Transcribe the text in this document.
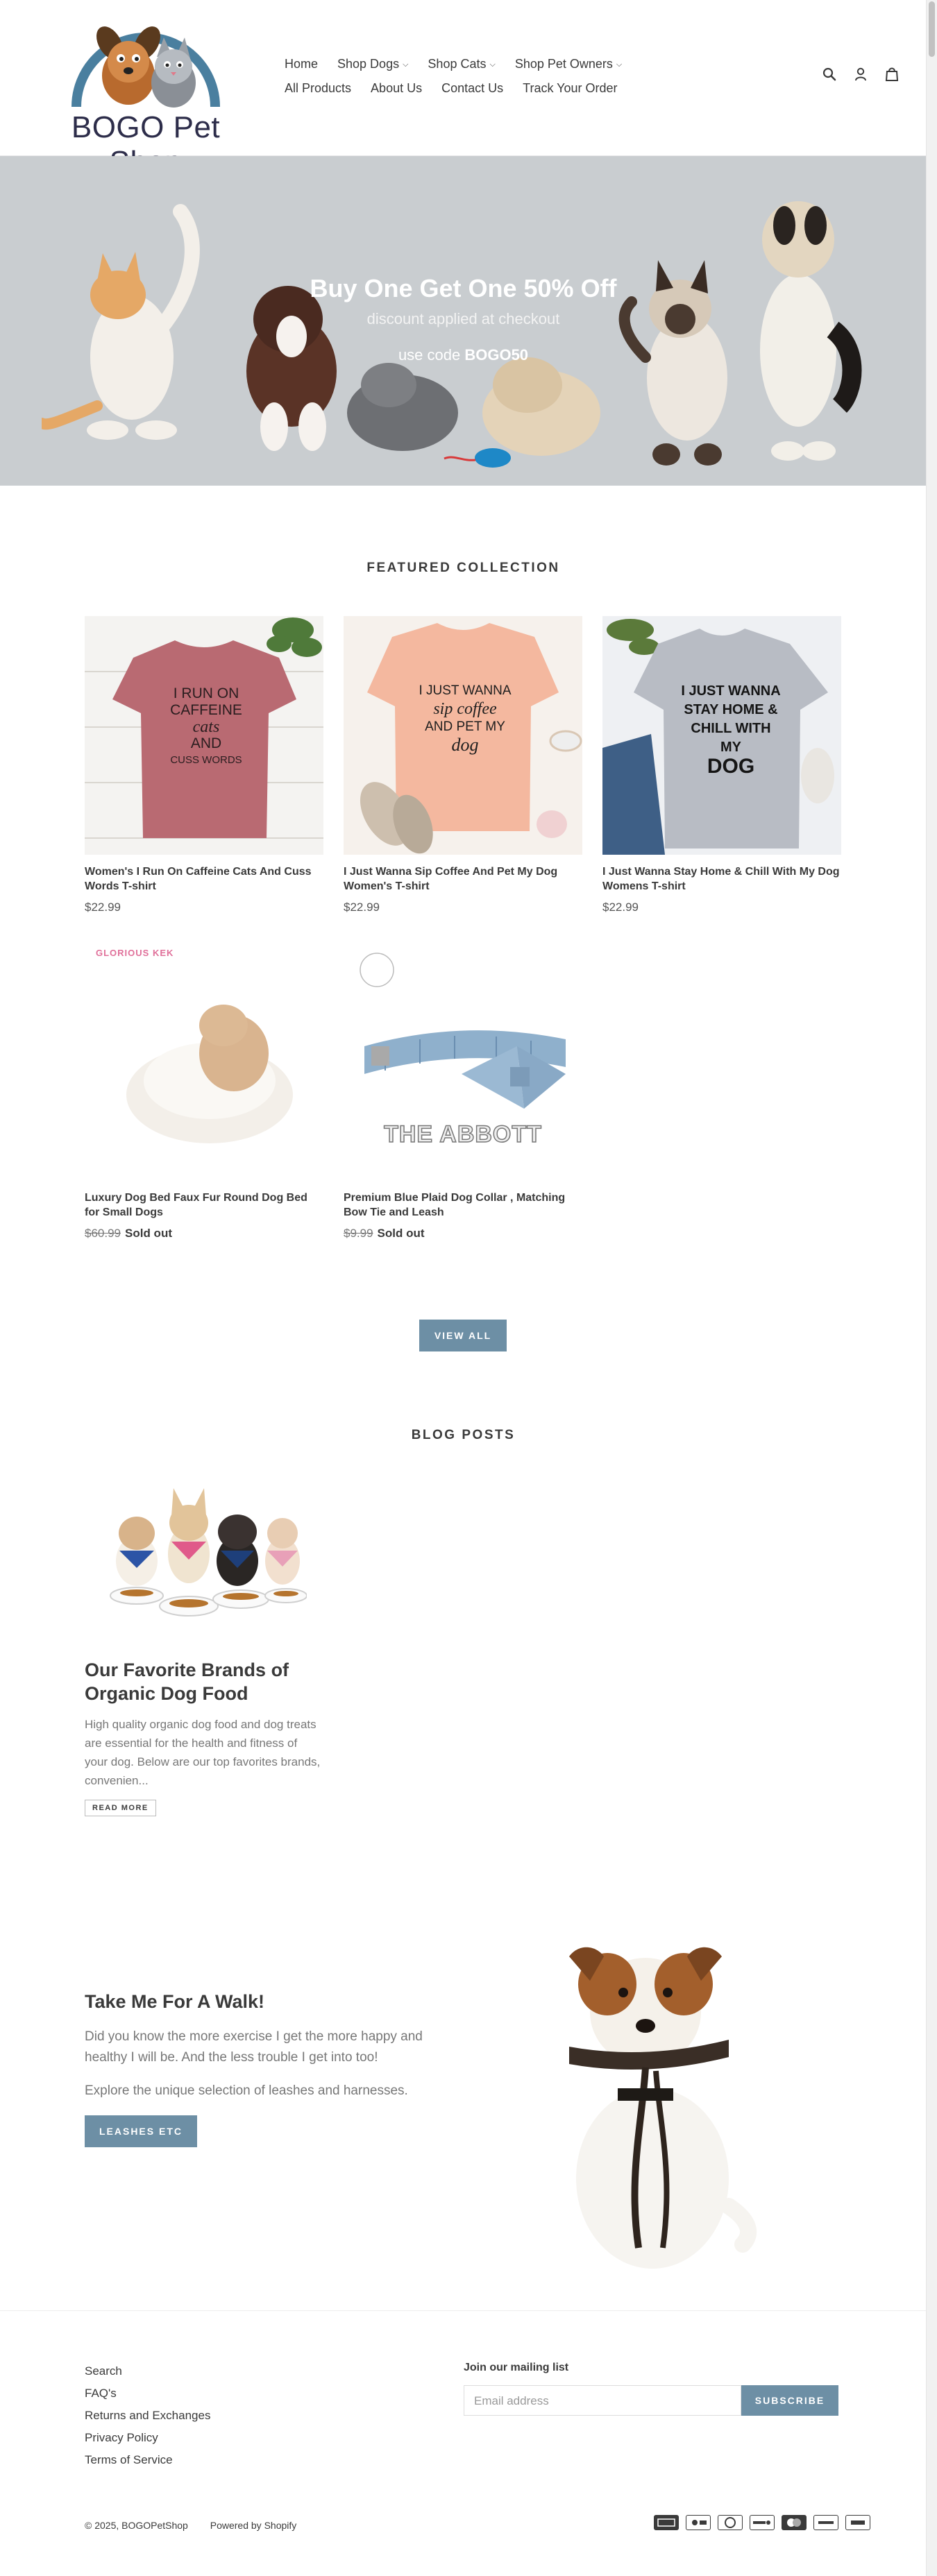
BOGO Pet
Home Shop Dogs ⌵ Shop Cats ⌵ Shop Pet Owners ⌵
All Products About Us Contact Us Track Your Order
Buy One Get One 50% Off
discount applied at checkout
use code BOGO50
FEATURED COLLECTION
I RUN ON
CAFFEINE
cats
AND
CUSS WORDS
Women's I Run On Caffeine Cats And Cuss Words T-shirt
$22.99
I JUST WANNA
sip coffee
AND PET MY
dog
I Just Wanna Sip Coffee And Pet My Dog Women's T-shirt
$22.99
I JUST WANNA
STAY HOME &
CHILL WITH MY
DOG
I Just Wanna Stay Home & Chill With My Dog Womens T-shirt
$22.99
GLORIOUS KEK
Luxury Dog Bed Faux Fur Round Dog Bed for Small Dogs
$60.99 Sold out
THE ABBOTT
Premium Blue Plaid Dog Collar , Matching Bow Tie and Leash
$9.99 Sold out
VIEW ALL
BLOG POSTS
Our Favorite Brands of Organic Dog Food
High quality organic dog food and dog treats are essential for the health and fitness of your dog. Below are our top favorites brands, convenien...
READ MORE
Take Me For A Walk!
Did you know the more exercise I get the more happy and healthy I will be. And the less trouble I get into too!
Explore the unique selection of leashes and harnesses.
LEASHES ETC
Search
FAQ's
Returns and Exchanges
Privacy Policy
Terms of Service
Join our mailing list
Email address	SUBSCRIBE
© 2025, BOGOPetShop Powered by Shopify
